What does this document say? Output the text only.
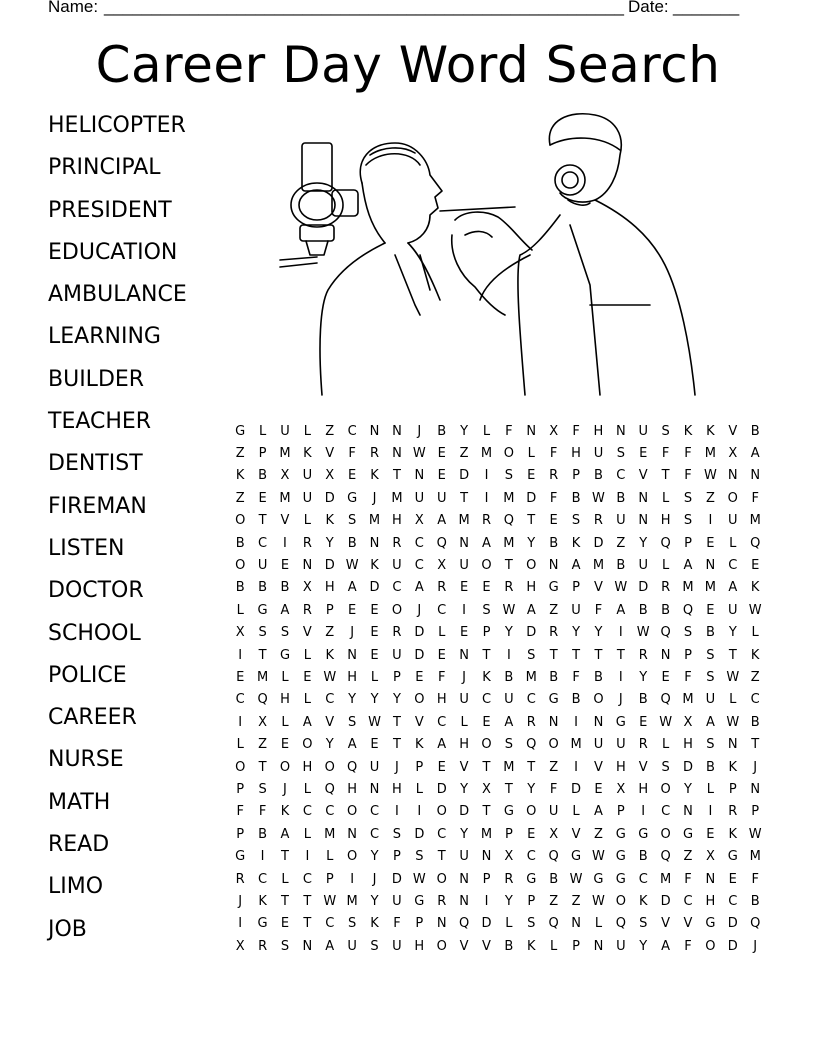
Name: _______________________________________________________ Date: _______
Career Day Word Search
HELICOPTER
PRINCIPAL
PRESIDENT
EDUCATION
AMBULANCE
LEARNING
BUILDER
TEACHER
DENTIST
FIREMAN
LISTEN
DOCTOR
SCHOOL
POLICE
CAREER
NURSE
MATH
READ
LIMO
JOB
G	L	U	L	Z	C N N	J	B	Y	L	F	N	X	F	H N U	S	K	K	V	B
Z	P M K	V	F	R	N W E	Z M O	L	F	H U	S	E	F	F	M X	A
K	B	X	U	X	E	K	T	N	E	D	I	S	E	R	P	B	C	V	T	F W N N
Z	E M U D G	J	M U U	T	I	M D	F	B W B	N	L	S	Z O	F
O	T	V	L	K	S M H	X	A M R Q	T	E	S	R	U N H	S	I	U M
B	C	I	R	Y	B	N	R	C Q N	A M Y	B	K	D Z	Y	Q	P	E	L	Q
O U	E	N D W K	U	C	X	U O	T	O N	A M B	U	L	A	N C	E
B	B	B	X	H	A D C	A	R	E	E	R H G	P	V W D R M M A	K
L	G A	R	P	E	E	O	J	C	I	S W A	Z	U	F	A	B	B Q	E	U W
X	S	S	V	Z	J	E	R D	L	E	P	Y	D R	Y	Y	I	W Q	S	B	Y	L
I	T	G	L	K	N	E	U D	E	N	T	I	S	T	T	T	T	R	N	P	S	T	K
E M	L	E W H	L	P	E	F	J	K	B M B	F	B	I	Y	E	F	S W Z
C Q H	L	C	Y	Y	Y	O H U	C	U	C G B O	J	B Q M U	L	C
I	X	L	A	V	S W T	V	C	L	E	A	R	N	I	N G	E W X	A W B
L	Z	E	O	Y	A	E	T	K	A	H O	S	Q O M U U	R	L	H	S	N	T
O	T	O H O Q U	J	P	E	V	T M T	Z	I	V	H	V	S	D B	K	J
P	S	J	L	Q H N H	L	D	Y	X	T	Y	F	D	E	X	H O	Y	L	P	N
F	F	K	C	C O C	I	I	O D	T	G O U	L	A	P	I	C N	I	R	P
P	B	A	L	M N C	S	D C	Y M P	E	X	V	Z G G O G	E	K W
G	I	T	I	L	O	Y	P	S	T	U N	X	C Q G W G B Q Z	X G M
R	C	L	C	P	I	J	D W O N	P	R G B W G G C M	F	N	E	F
J	K	T	T W M Y	U G R	N	I	Y	P	Z	Z W O	K	D C H C	B
I	G	E	T	C	S	K	F	P	N Q D	L	S	Q N	L	Q	S	V	V G D Q
X	R	S	N	A	U	S	U H O V	V	B	K	L	P	N U	Y	A	F	O D	J
